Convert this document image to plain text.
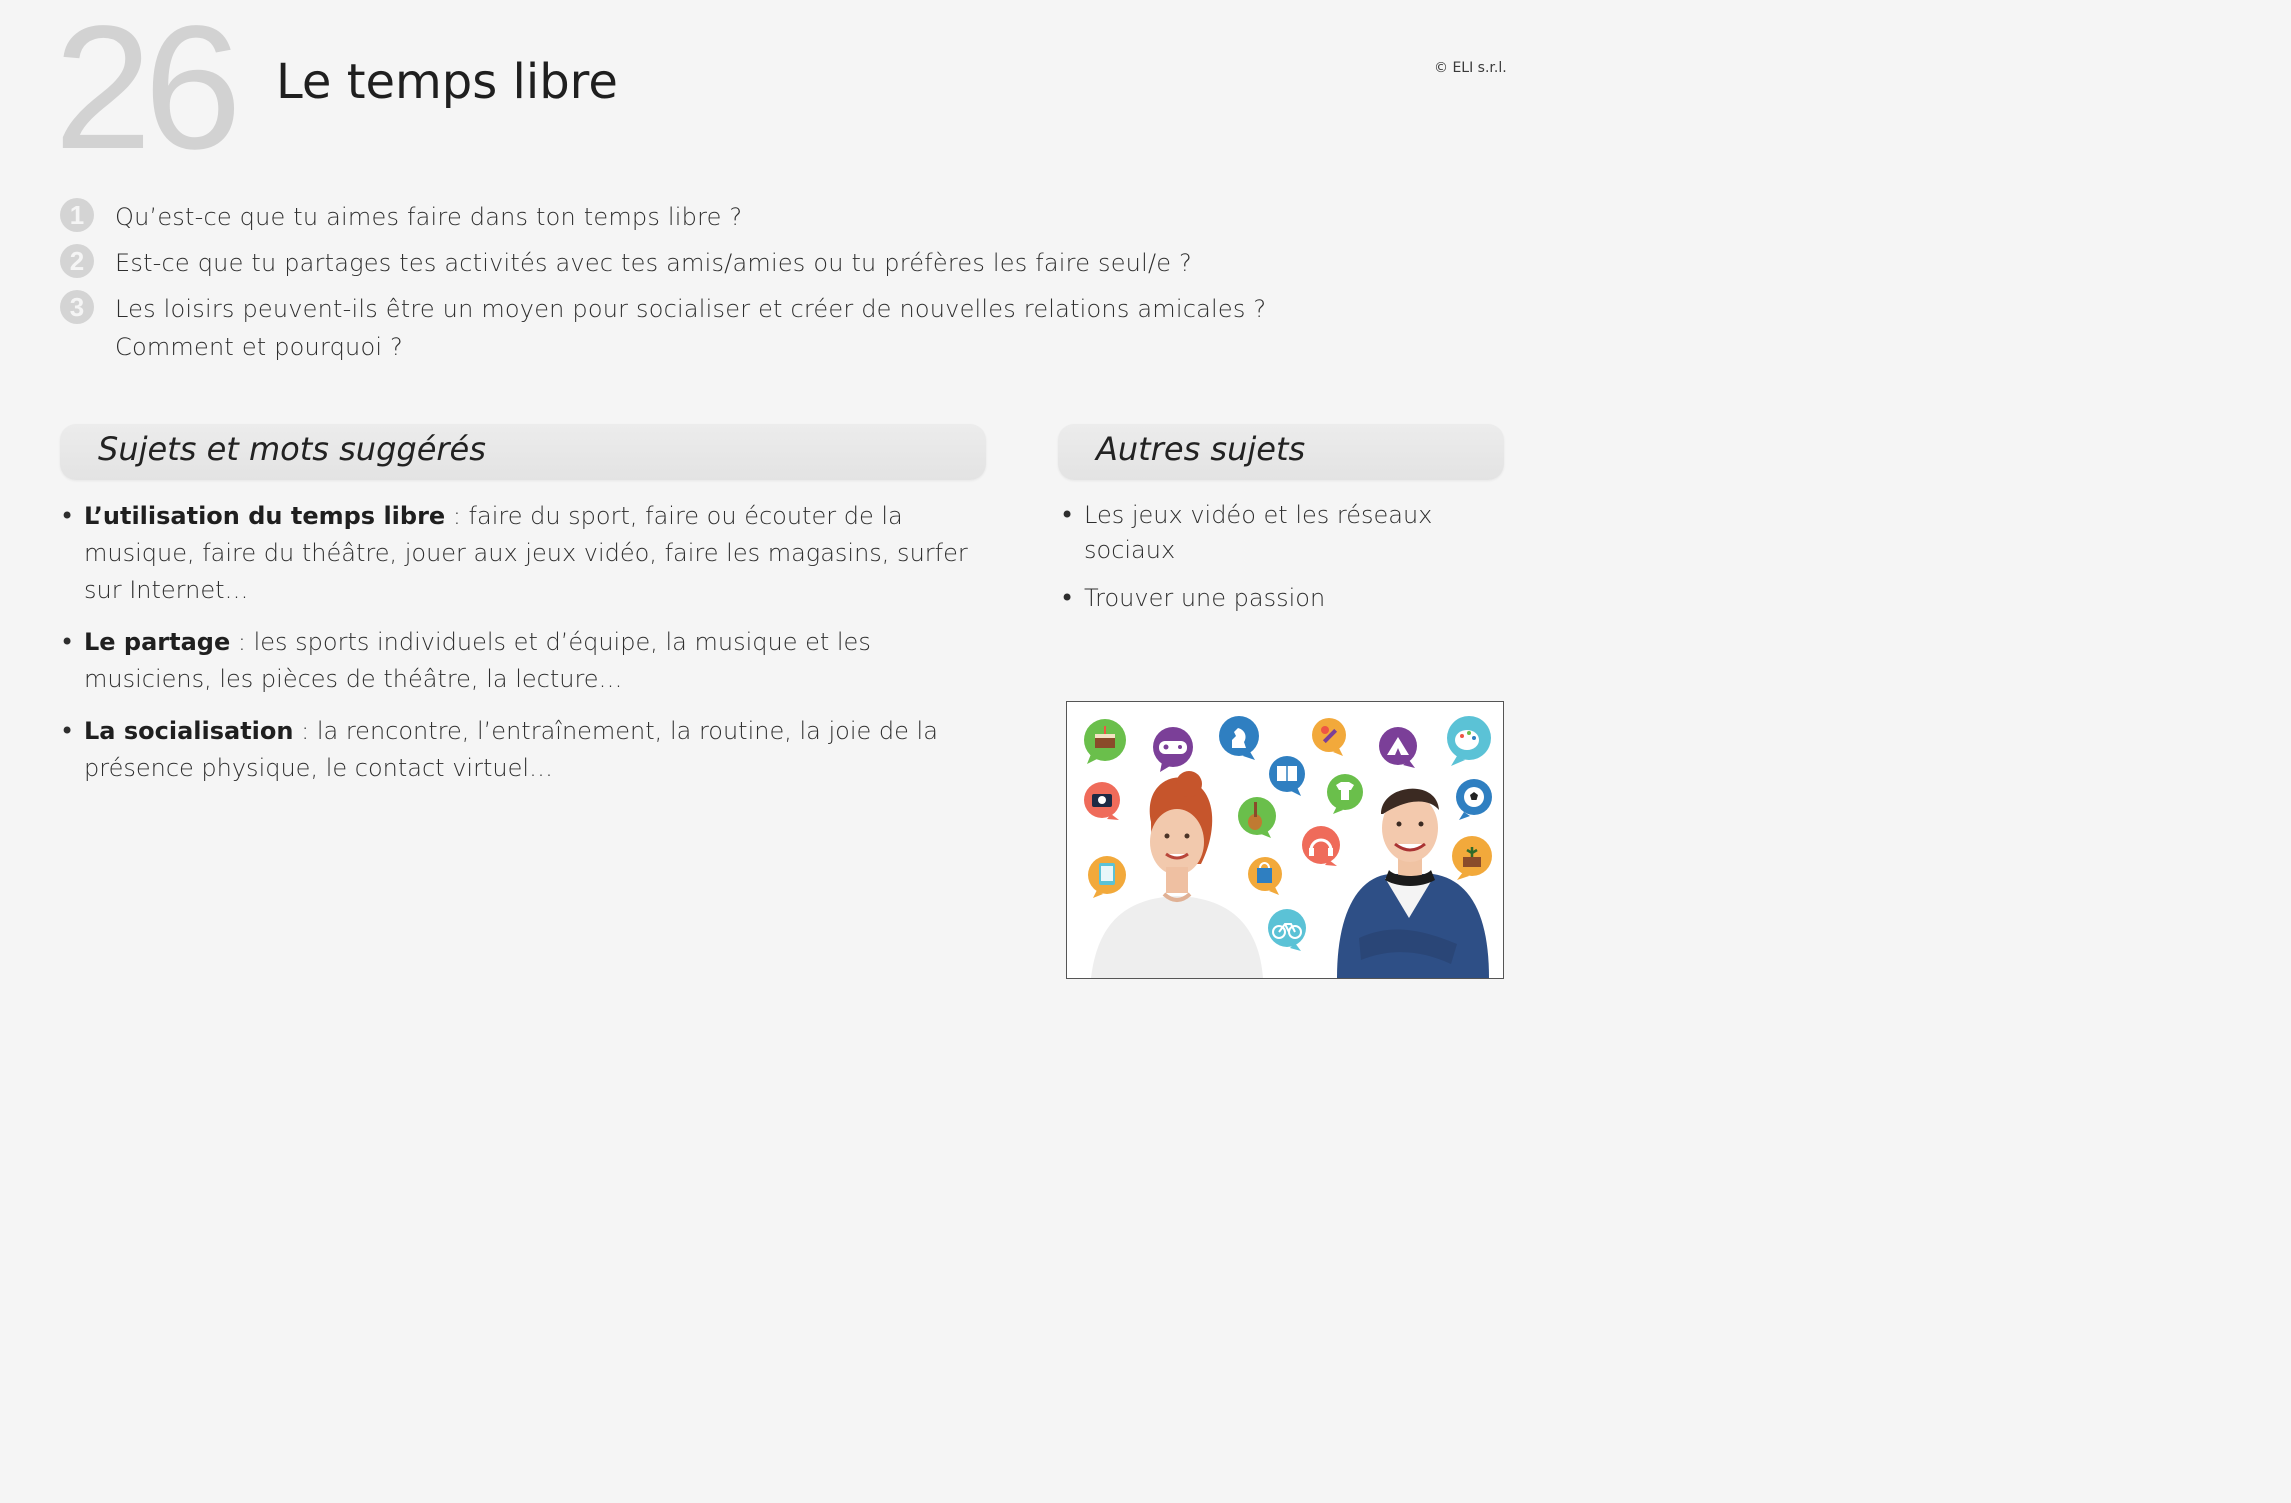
26 Le temps libre	© ELI s.r.l.
1	Qu’est-ce que tu aimes faire dans ton temps libre ?
2	Est-ce que tu partages tes activités avec tes amis/amies ou tu préfères les faire seul/e ?
3	Les loisirs peuvent-ils être un moyen pour socialiser et créer de nouvelles relations amicales ? Comment et pourquoi ?
Sujets et mots suggérés
• L’utilisation du temps libre : faire du sport, faire ou écouter de la musique, faire du théâtre, jouer aux jeux vidéo, faire les magasins, surfer sur Internet…
• Le partage : les sports individuels et d’équipe, la musique et les musiciens, les pièces de théâtre, la lecture…
• La socialisation : la rencontre, l’entraînement, la routine, la joie de la présence physique, le contact virtuel…
Autres sujets
• Les jeux vidéo et les réseaux sociaux
• Trouver une passion
